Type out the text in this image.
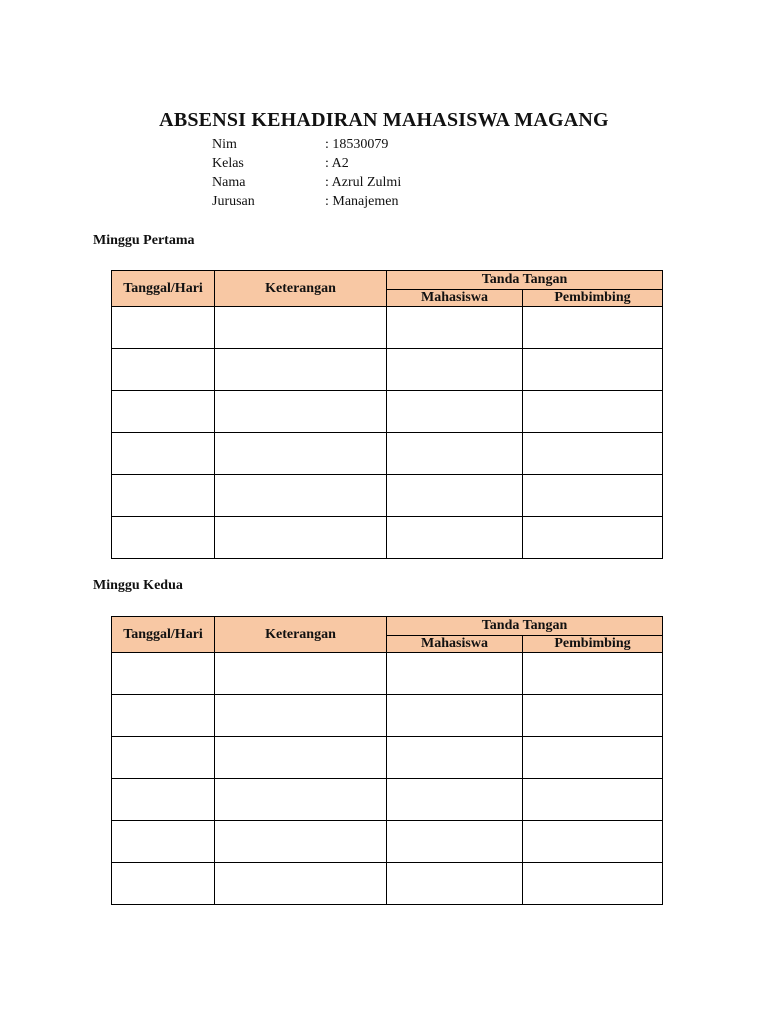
ABSENSI KEHADIRAN MAHASISWA MAGANG
Nim	: 18530079
Kelas	: A2
Nama	: Azrul Zulmi
Jurusan	: Manajemen
Minggu Pertama
Tanggal/Hari	Keterangan	Tanda Tangan	
		Mahasiswa	Pembimbing

Minggu Kedua
Tanggal/Hari	Keterangan	Tanda Tangan	
		Mahasiswa	Pembimbing
